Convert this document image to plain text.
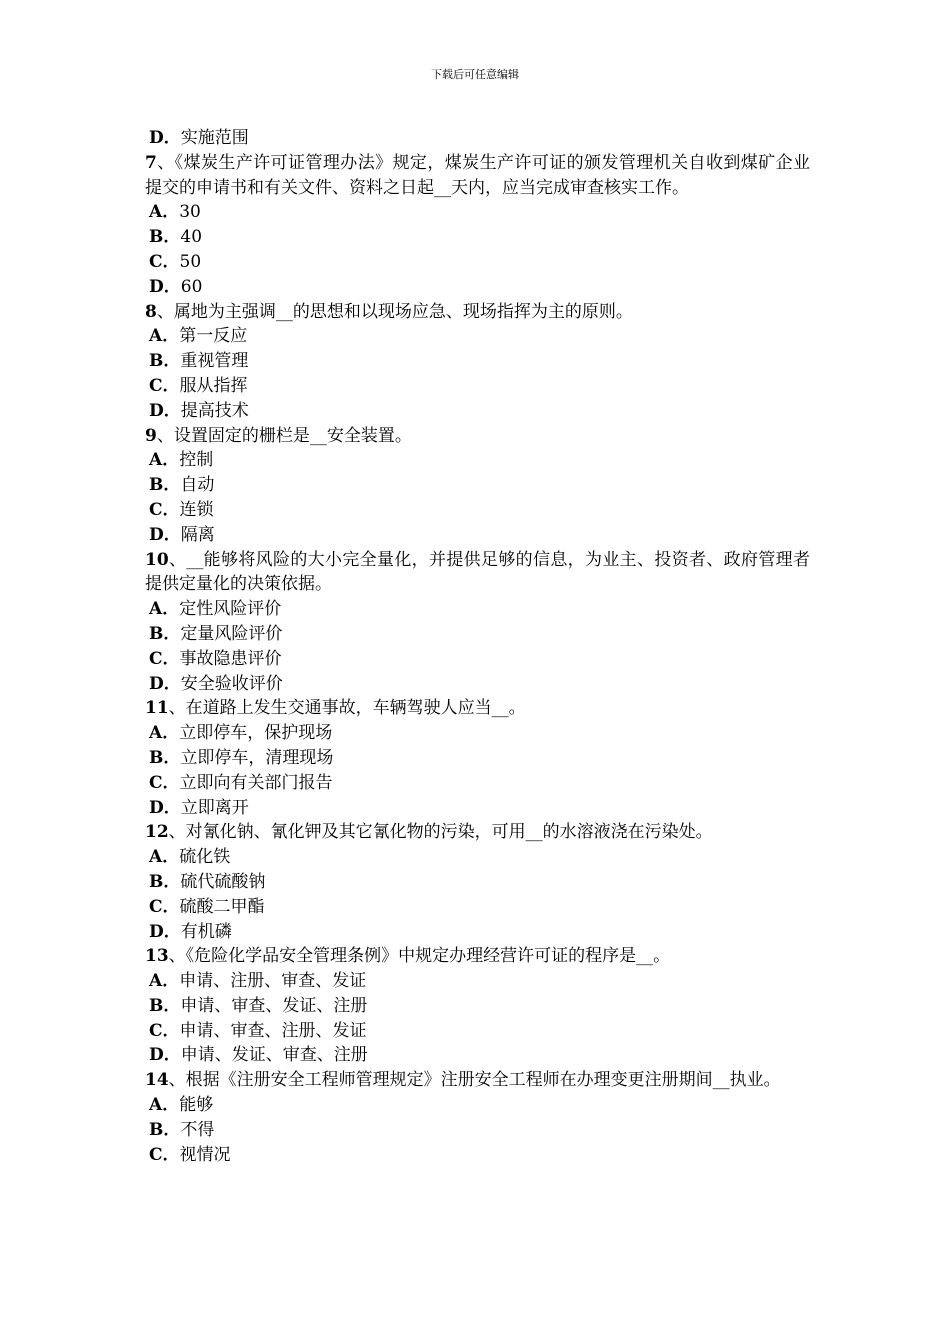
下载后可任意编辑
D．实施范围
7、《煤炭生产许可证管理办法》规定，煤炭生产许可证的颁发管理机关自收到煤矿企业提交的申请书和有关文件、资料之日起__天内，应当完成审查核实工作。
A．30
B．40
C．50
D．60
8、属地为主强调__的思想和以现场应急、现场指挥为主的原则。
A．第一反应
B．重视管理
C．服从指挥
D．提高技术
9、设置固定的栅栏是__安全装置。
A．控制
B．自动
C．连锁
D．隔离
10、__能够将风险的大小完全量化，并提供足够的信息，为业主、投资者、政府管理者提供定量化的决策依据。
A．定性风险评价
B．定量风险评价
C．事故隐患评价
D．安全验收评价
11、在道路上发生交通事故，车辆驾驶人应当__。
A．立即停车，保护现场
B．立即停车，清理现场
C．立即向有关部门报告
D．立即离开
12、对氰化钠、氰化钾及其它氰化物的污染，可用__的水溶液浇在污染处。
A．硫化铁
B．硫代硫酸钠
C．硫酸二甲酯
D．有机磷
13、《危险化学品安全管理条例》中规定办理经营许可证的程序是__。
A．申请、注册、审查、发证
B．申请、审查、发证、注册
C．申请、审查、注册、发证
D．申请、发证、审查、注册
14、根据《注册安全工程师管理规定》注册安全工程师在办理变更注册期间__执业。
A．能够
B．不得
C．视情况
